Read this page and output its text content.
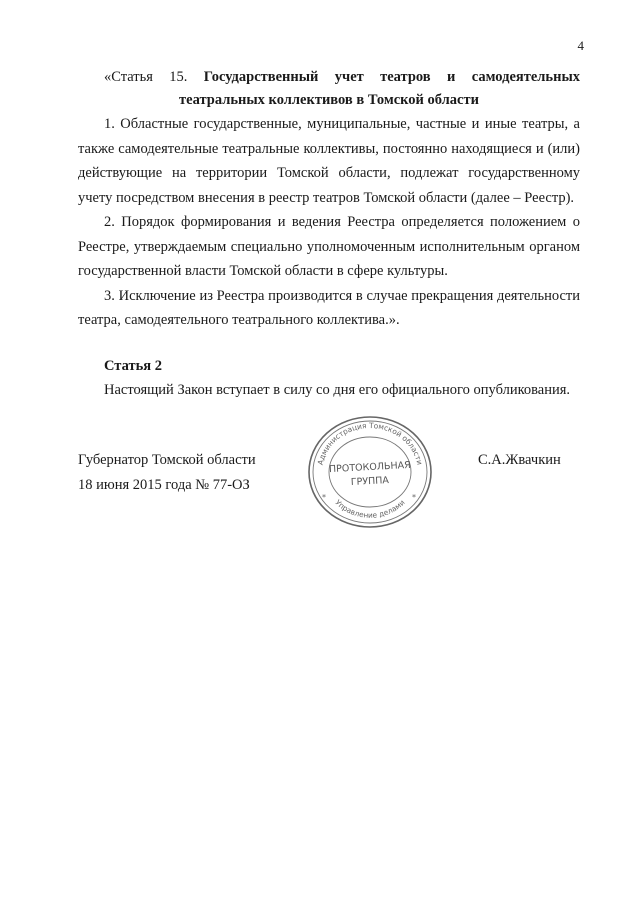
4
«Статья 15. Государственный учет театров и самодеятельных
театральных коллективов в Томской области

1. Областные государственные, муниципальные, частные и иные театры, а также самодеятельные театральные коллективы, постоянно находящиеся и (или) действующие на территории Томской области, подлежат государственному учету посредством внесения в реестр театров Томской области (далее – Реестр).

2. Порядок формирования и ведения Реестра определяется положением о Реестре, утверждаемым специально уполномоченным исполнительным органом государственной власти Томской области в сфере культуры.

3. Исключение из Реестра производится в случае прекращения деятельности театра, самодеятельного театрального коллектива.».

Статья 2
Настоящий Закон вступает в силу со дня его официального опубликования.
Губернатор Томской области
18 июня 2015 года № 77-ОЗ
С.А.Жвачкин
Администрация Томской области
Управление делами
ПРОТОКОЛЬНАЯ
ГРУППА
*	*
